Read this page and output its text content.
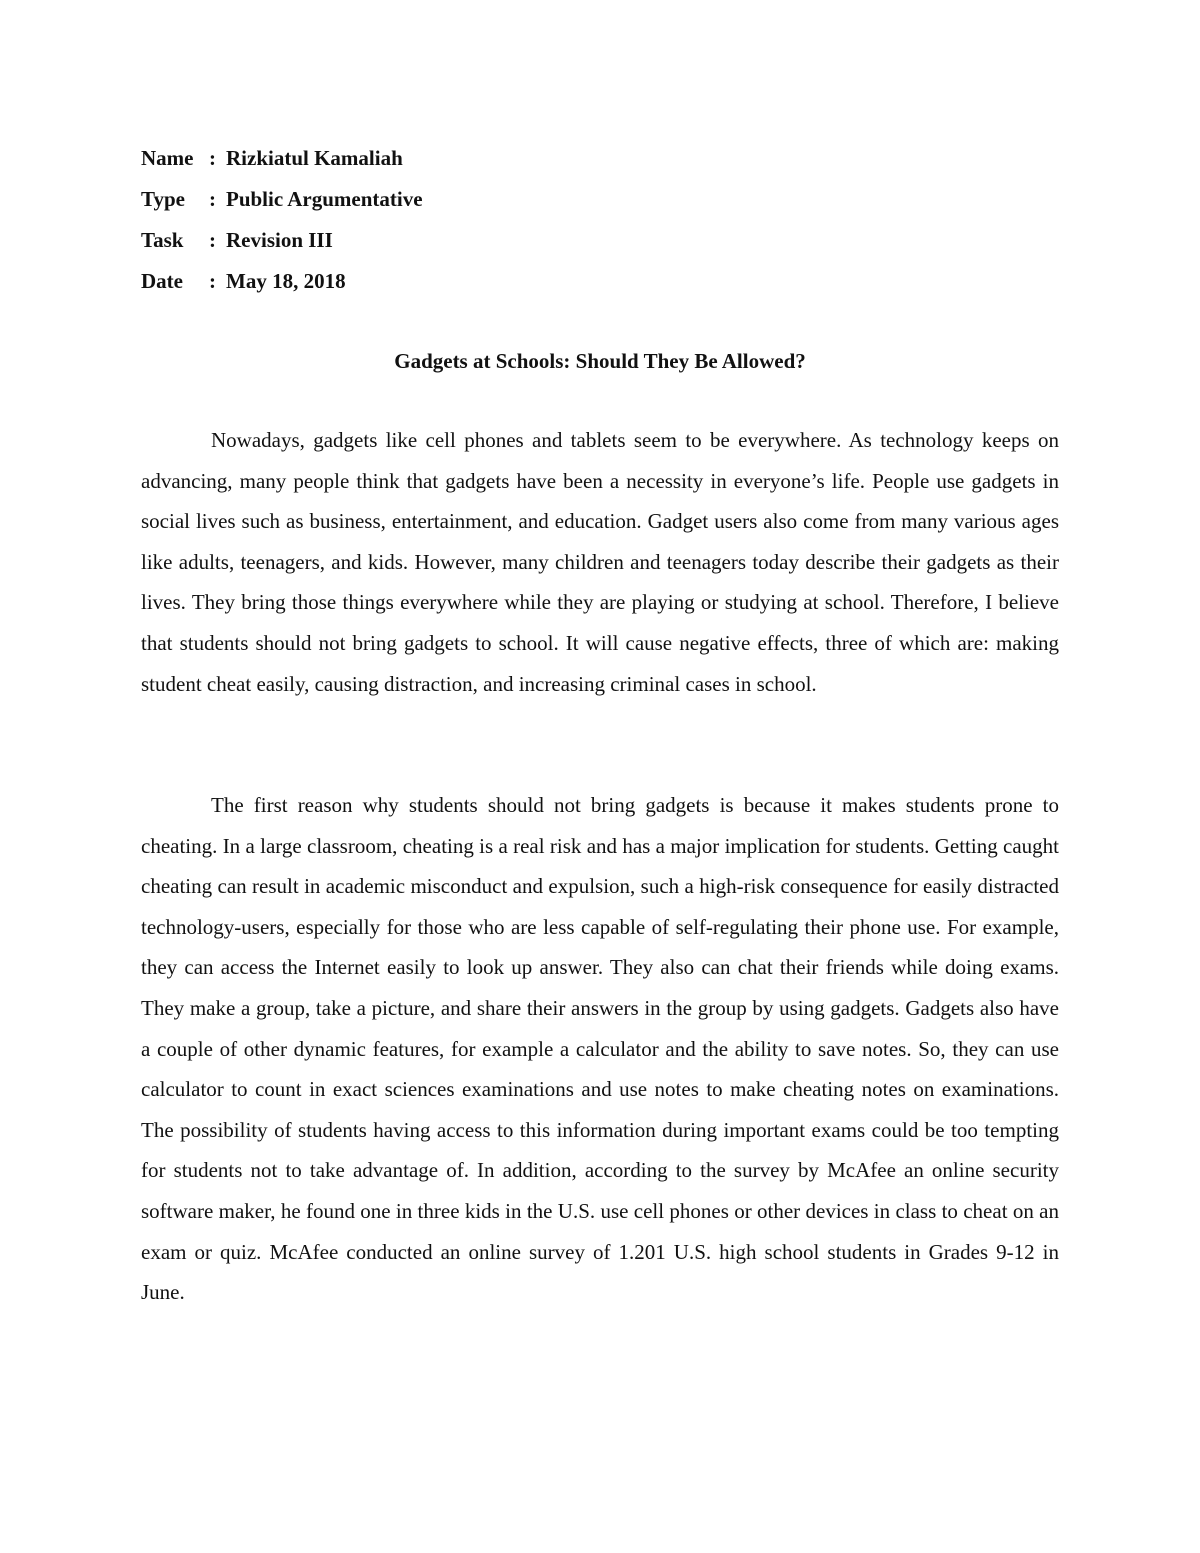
Name : Rizkiatul Kamaliah
Type	: Public Argumentative
Task	: Revision III
Date	: May 18, 2018
Gadgets at Schools: Should They Be Allowed?

Nowadays, gadgets like cell phones and tablets seem to be everywhere. As technology keeps on advancing, many people think that gadgets have been a necessity in everyone’s life. People use gadgets in social lives such as business, entertainment, and education. Gadget users also come from many various ages like adults, teenagers, and kids. However, many children and teenagers today describe their gadgets as their lives. They bring those things everywhere while they are playing or studying at school. Therefore, I believe that students should not bring gadgets to school. It will cause negative effects, three of which are: making student cheat easily, causing distraction, and increasing criminal cases in school.

The first reason why students should not bring gadgets is because it makes students prone to cheating. In a large classroom, cheating is a real risk and has a major implication for students. Getting caught cheating can result in academic misconduct and expulsion, such a high-risk consequence for easily distracted technology-users, especially for those who are less capable of self-regulating their phone use. For example, they can access the Internet easily to look up answer. They also can chat their friends while doing exams. They make a group, take a picture, and share their answers in the group by using gadgets. Gadgets also have a couple of other dynamic features, for example a calculator and the ability to save notes. So, they can use calculator to count in exact sciences examinations and use notes to make cheating notes on examinations. The possibility of students having access to this information during important exams could be too tempting for students not to take advantage of. In addition, according to the survey by McAfee an online security software maker, he found one in three kids in the U.S. use cell phones or other devices in class to cheat on an exam or quiz. McAfee conducted an online survey of 1.201 U.S. high school students in Grades 9-12 in June.
